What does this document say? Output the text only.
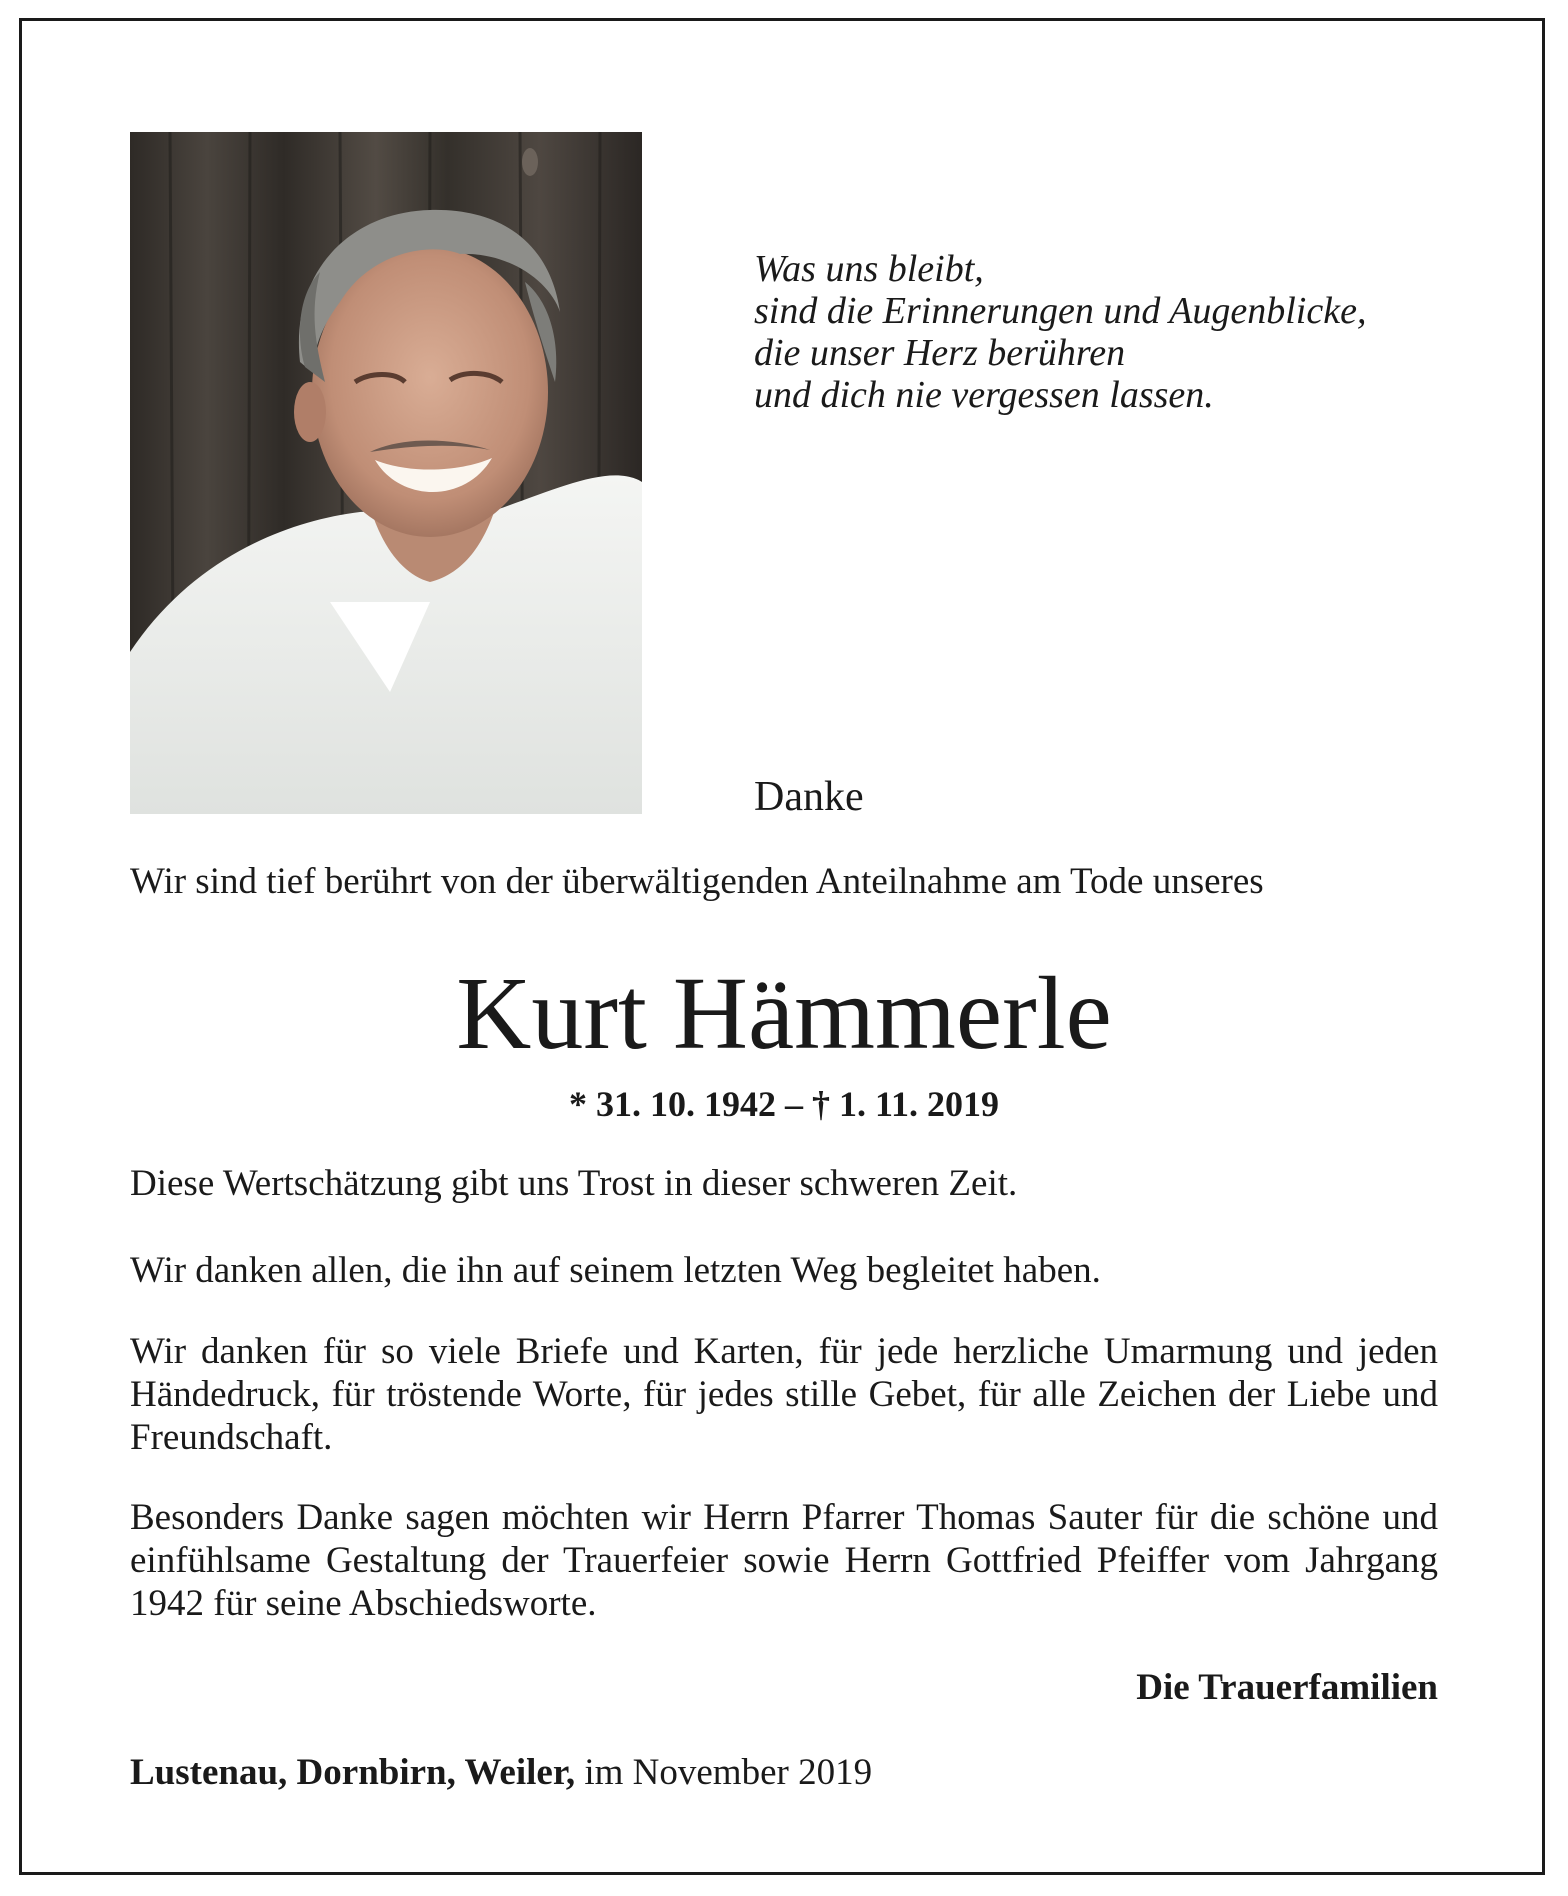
Was uns bleibt,
sind die Erinnerungen und Augenblicke,
die unser Herz berühren
und dich nie vergessen lassen.
Danke
Wir sind tief berührt von der überwältigenden Anteilnahme am Tode unseres
Kurt Hämmerle
* 31. 10. 1942 – † 1. 11. 2019
Diese Wertschätzung gibt uns Trost in dieser schweren Zeit.
Wir danken allen, die ihn auf seinem letzten Weg begleitet haben.
Wir danken für so viele Briefe und Karten, für jede herzliche Umarmung und jeden Händedruck, für tröstende Worte, für jedes stille Gebet, für alle Zeichen der Liebe und Freundschaft.
Besonders Danke sagen möchten wir Herrn Pfarrer Thomas Sauter für die schöne und einfühlsame Gestaltung der Trauerfeier sowie Herrn Gottfried Pfeiffer vom Jahrgang 1942 für seine Abschiedsworte.
Die Trauerfamilien
Lustenau, Dornbirn, Weiler, im November 2019
